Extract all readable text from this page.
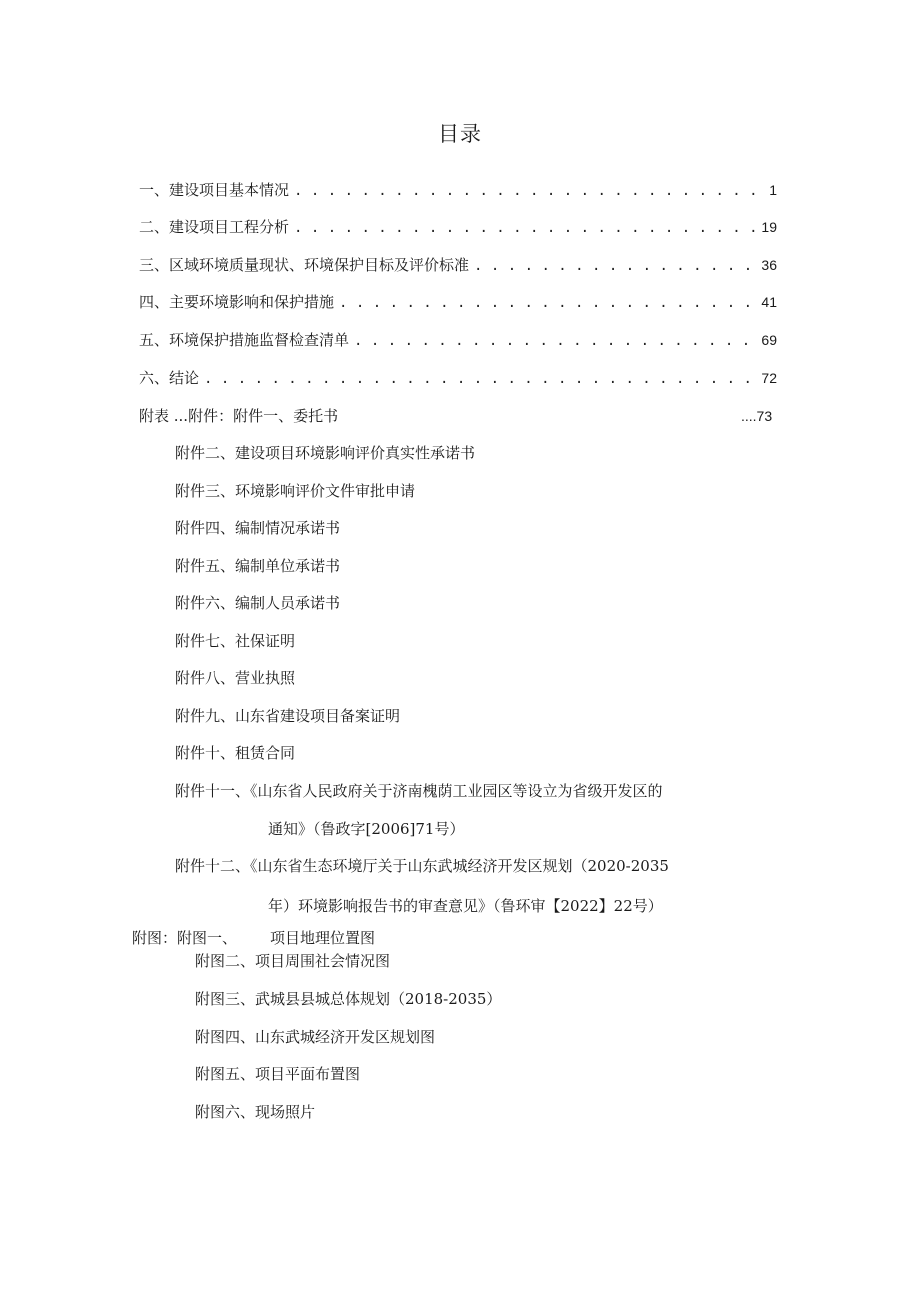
目录
一、建设项目基本情况 . . .	1
二、建设项目工程分析 . . .	19
三、区域环境质量现状、环境保护目标及评价标准 . . .	36
四、主要环境影响和保护措施 . . .	41
五、环境保护措施监督检查清单 . . .	69
六、结论 . . .	72
附表 ...附件：附件一、委托书	....73
附件二、建设项目环境影响评价真实性承诺书
附件三、环境影响评价文件审批申请
附件四、编制情况承诺书
附件五、编制单位承诺书
附件六、编制人员承诺书
附件七、社保证明
附件八、营业执照
附件九、山东省建设项目备案证明
附件十、租赁合同
附件十一、《山东省人民政府关于济南槐荫工业园区等设立为省级开发区的
通知》（鲁政字[2006]71号）
附件十二、《山东省生态环境厅关于山东武城经济开发区规划（2020-2035
年）环境影响报告书的审查意见》（鲁环审【2022】22号）
附图：附图一、 项目地理位置图
附图二、项目周围社会情况图
附图三、武城县县城总体规划（2018-2035）
附图四、山东武城经济开发区规划图
附图五、项目平面布置图
附图六、现场照片
